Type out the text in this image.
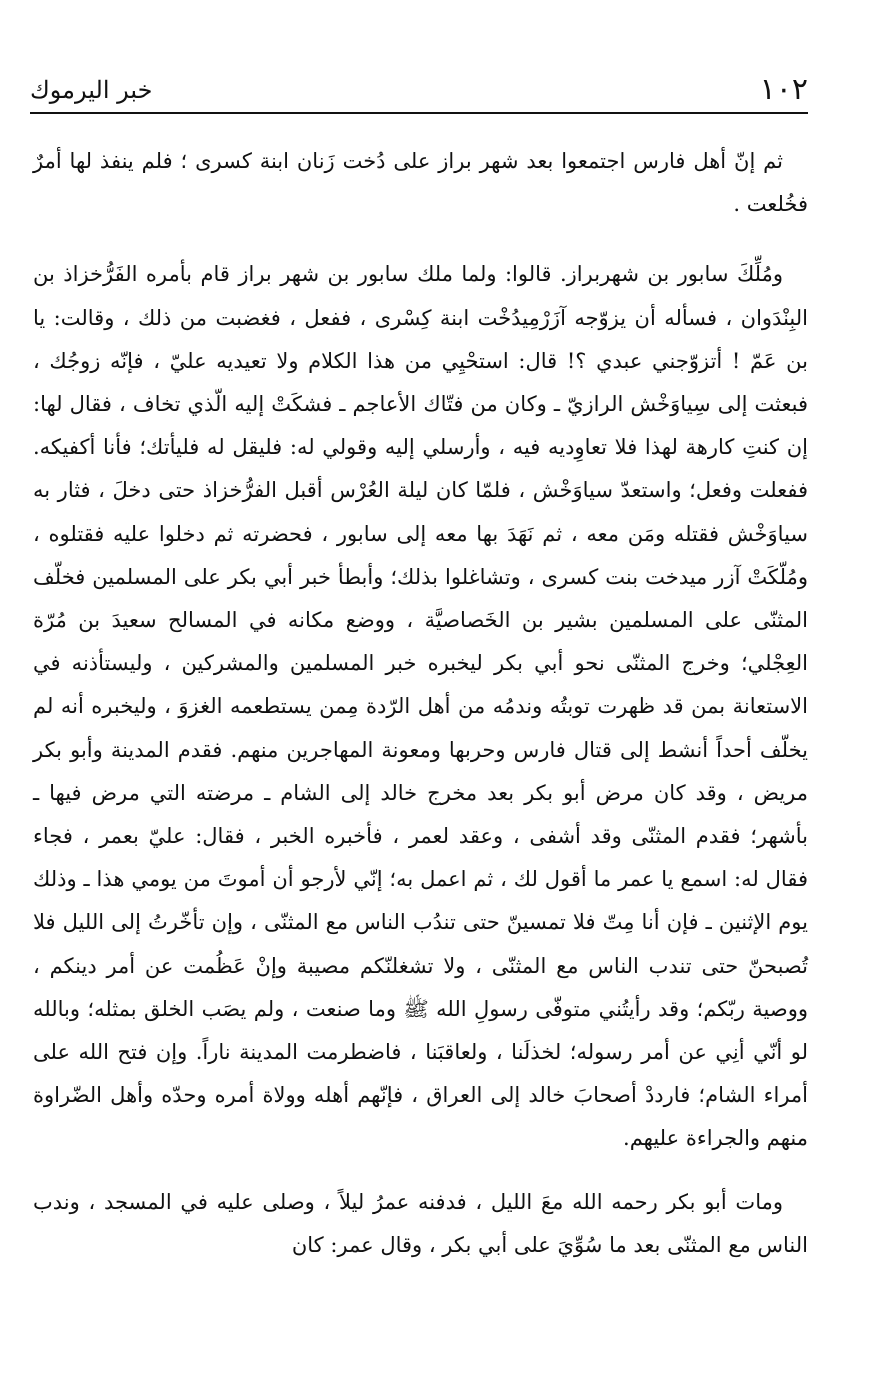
١٠٢
خبر اليرموك

ثم إنّ أهل فارس اجتمعوا بعد شهر براز على دُخت زَنان ابنة كسرى ؛ فلم ينفذ لها أمرٌ فخُلعت .

ومُلِّكَ سابور بن شهربراز. قالوا: ولما ملك سابور بن شهر براز قام بأمره الفَرُّخزاذ بن البِنْدَوان ، فسأله أن يزوّجه آزَرْمِيدُخْت ابنة كِسْرى ، ففعل ، فغضبت من ذلك ، وقالت: يا بن عَمّ ! أتزوّجني عبدي ؟! قال: استحْيِي من هذا الكلام ولا تعيديه عليّ ، فإنّه زوجُك ، فبعثت إلى سِياوَخْش الرازيّ ـ وكان من فتّاك الأعاجم ـ فشكَتْ إليه الّذي تخاف ، فقال لها: إن كنتِ كارهة لهذا فلا تعاوِديه فيه ، وأرسلي إليه وقولي له: فليقل له فليأتك؛ فأنا أكفيكه. ففعلت وفعل؛ واستعدّ سياوَخْش ، فلمّا كان ليلة العُرْس أقبل الفرُّخزاذ حتى دخلَ ، فثار به سياوَخْش فقتله ومَن معه ، ثم نَهَدَ بها معه إلى سابور ، فحضرته ثم دخلوا عليه فقتلوه ، ومُلّكَتْ آزر ميدخت بنت كسرى ، وتشاغلوا بذلك؛ وأبطأ خبر أبي بكر على المسلمين فخلّف المثنّى على المسلمين بشير بن الخَصاصيَّة ، ووضع مكانه في المسالح سعيدَ بن مُرّة العِجْلي؛ وخرج المثنّى نحو أبي بكر ليخبره خبر المسلمين والمشركين ، وليستأذنه في الاستعانة بمن قد ظهرت توبتُه وندمُه من أهل الرّدة مِمن يستطعمه الغزوَ ، وليخبره أنه لم يخلّف أحداً أنشط إلى قتال فارس وحربها ومعونة المهاجرين منهم. فقدم المدينة وأبو بكر مريض ، وقد كان مرض أبو بكر بعد مخرج خالد إلى الشام ـ مرضته التي مرض فيها ـ بأشهر؛ فقدم المثنّى وقد أشفى ، وعقد لعمر ، فأخبره الخبر ، فقال: عليّ بعمر ، فجاء فقال له: اسمع يا عمر ما أقول لك ، ثم اعمل به؛ إنّي لأرجو أن أموتَ من يومي هذا ـ وذلك يوم الإثنين ـ فإن أنا مِتّ فلا تمسينّ حتى تندُب الناس مع المثنّى ، وإن تأخّرتُ إلى الليل فلا تُصبحنّ حتى تندب الناس مع المثنّى ، ولا تشغلنّكم مصيبة وإنْ عَظُمت عن أمر دينكم ، ووصية ربّكم؛ وقد رأيتُني متوفّى رسولِ الله ﷺ وما صنعت ، ولم يصَب الخلق بمثله؛ وبالله لو أنّي أنِي عن أمر رسوله؛ لخذلَنا ، ولعاقبَنا ، فاضطرمت المدينة ناراً. وإن فتح الله على أمراء الشام؛ فارددْ أصحابَ خالد إلى العراق ، فإنّهم أهله وولاة أمره وحدّه وأهل الضّراوة منهم والجراءة عليهم.

ومات أبو بكر رحمه الله معَ الليل ، فدفنه عمرُ ليلاً ، وصلى عليه في المسجد ، وندب الناس مع المثنّى بعد ما سُوِّيَ على أبي بكر ، وقال عمر: كان
